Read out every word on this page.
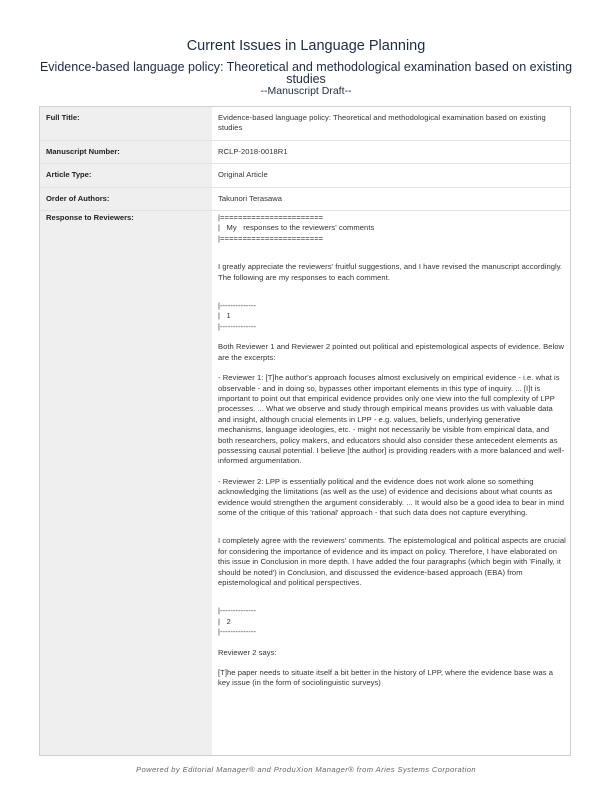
Current Issues in Language Planning

Evidence-based language policy: Theoretical and methodological examination based on existing studies

--Manuscript Draft--

Full Title:	Evidence-based language policy: Theoretical and methodological examination based on existing studies
Manuscript Number:	RCLP-2018-0018R1
Article Type:	Original Article
Order of Authors:	Takunori Terasawa
Response to Reviewers:	|=======================

|   My   responses to the reviewers' comments

|=======================

I greatly appreciate the reviewers' fruitful suggestions, and I have revised the manuscript accordingly. The following are my responses to each comment.

|--------------

|   1

|--------------

Both Reviewer 1 and Reviewer 2 pointed out political and epistemological aspects of evidence. Below are the excerpts:

- Reviewer 1: [T]he author's approach focuses almost exclusively on empirical evidence - i.e. what is observable - and in doing so, bypasses other important elements in this type of inquiry. ... [I]t is important to point out that empirical evidence provides only one view into the full complexity of LPP processes. ... What we observe and study through empirical means provides us with valuable data and insight, although crucial elements in LPP - e.g. values, beliefs, underlying generative mechanisms, language ideologies, etc. - might not necessarily be visible from empirical data, and both researchers, policy makers, and educators should also consider these antecedent elements as possessing causal potential. I believe [the author] is providing readers with a more balanced and well-informed argumentation.

- Reviewer 2: LPP is essentially political and the evidence does not work alone so something acknowledging the limitations (as well as the use) of evidence and decisions about what counts as evidence would strengthen the argument considerably. ... It would also be a good idea to bear in mind some of the critique of this 'rational' approach - that such data does not capture everything.

I completely agree with the reviewers' comments. The epistemological and political aspects are crucial for considering the importance of evidence and its impact on policy. Therefore, I have elaborated on this issue in Conclusion in more depth. I have added the four paragraphs (which begin with 'Finally, it should be noted') in Conclusion, and discussed the evidence-based approach (EBA) from epistemological and political perspectives.

|--------------

|   2

|--------------

Reviewer 2 says:

[T]he paper needs to situate itself a bit better in the history of LPP, where the evidence base was a key issue (in the form of sociolinguistic surveys)

Powered by Editorial Manager® and ProduXion Manager® from Aries Systems Corporation
